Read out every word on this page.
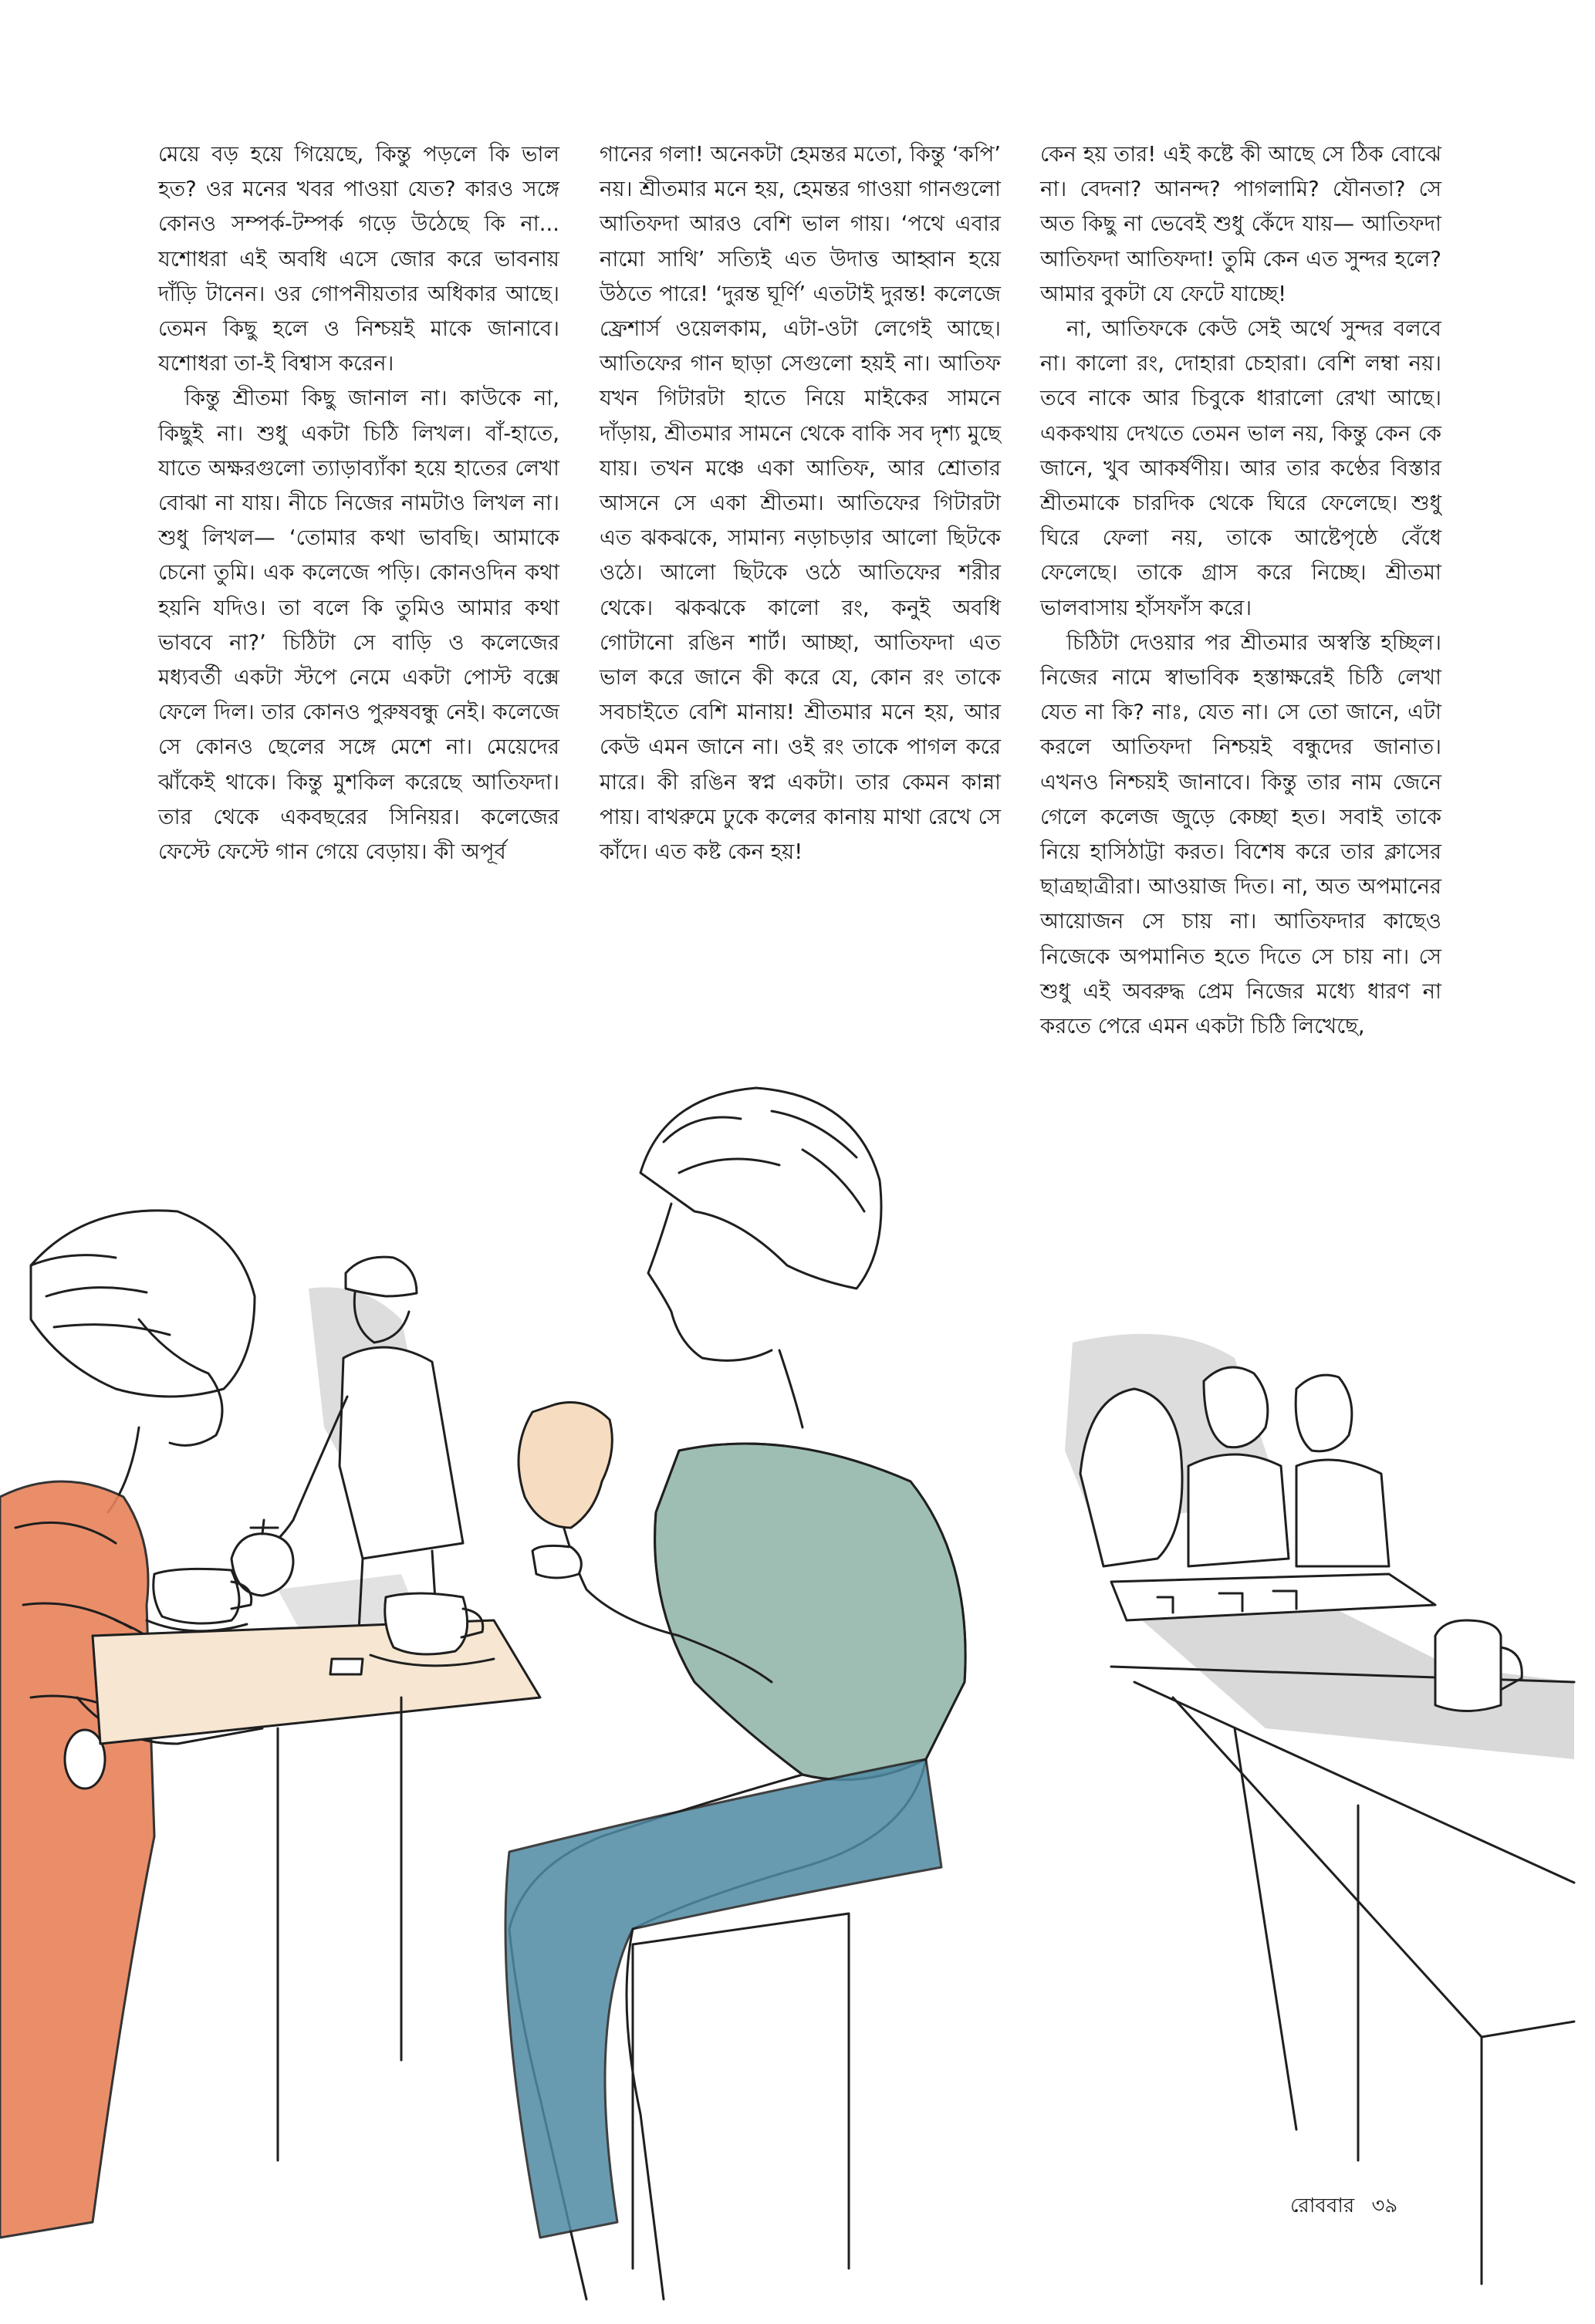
মেয়ে বড় হয়ে গিয়েছে, কিন্তু পড়লে কি ভাল হত? ওর মনের খবর পাওয়া যেত? কারও সঙ্গে কোনও সম্পর্ক-টম্পর্ক গড়ে উঠেছে কি না... যশোধরা এই অবধি এসে জোর করে ভাবনায় দাঁড়ি টানেন। ওর গোপনীয়তার অধিকার আছে। তেমন কিছু হলে ও নিশ্চয়ই মাকে জানাবে। যশোধরা তা-ই বিশ্বাস করেন।

কিন্তু শ্রীতমা কিছু জানাল না। কাউকে না, কিছুই না। শুধু একটা চিঠি লিখল। বাঁ-হাতে, যাতে অক্ষরগুলো ত্যাড়াব্যাঁকা হয়ে হাতের লেখা বোঝা না যায়। নীচে নিজের নামটাও লিখল না। শুধু লিখল— ‘তোমার কথা ভাবছি। আমাকে চেনো তুমি। এক কলেজে পড়ি। কোনওদিন কথা হয়নি যদিও। তা বলে কি তুমিও আমার কথা ভাববে না?’ চিঠিটা সে বাড়ি ও কলেজের মধ্যবর্তী একটা স্টপে নেমে একটা পোস্ট বক্সে ফেলে দিল। তার কোনও পুরুষবন্ধু নেই। কলেজে সে কোনও ছেলের সঙ্গে মেশে না। মেয়েদের ঝাঁকেই থাকে। কিন্তু মুশকিল করেছে আতিফদা। তার থেকে একবছরের সিনিয়র। কলেজের ফেস্টে ফেস্টে গান গেয়ে বেড়ায়। কী অপূর্ব

গানের গলা! অনেকটা হেমন্তর মতো, কিন্তু ‘কপি’ নয়। শ্রীতমার মনে হয়, হেমন্তর গাওয়া গানগুলো আতিফদা আরও বেশি ভাল গায়। ‘পথে এবার নামো সাথি’ সত্যিই এত উদাত্ত আহ্বান হয়ে উঠতে পারে! ‘দুরন্ত ঘূর্ণি’ এতটাই দুরন্ত! কলেজে ফ্রেশার্স ওয়েলকাম, এটা-ওটা লেগেই আছে। আতিফের গান ছাড়া সেগুলো হয়ই না। আতিফ যখন গিটারটা হাতে নিয়ে মাইকের সামনে দাঁড়ায়, শ্রীতমার সামনে থেকে বাকি সব দৃশ্য মুছে যায়। তখন মঞ্চে একা আতিফ, আর শ্রোতার আসনে সে একা শ্রীতমা। আতিফের গিটারটা এত ঝকঝকে, সামান্য নড়াচড়ার আলো ছিটকে ওঠে। আলো ছিটকে ওঠে আতিফের শরীর থেকে। ঝকঝকে কালো রং, কনুই অবধি গোটানো রঙিন শার্ট। আচ্ছা, আতিফদা এত ভাল করে জানে কী করে যে, কোন রং তাকে সবচাইতে বেশি মানায়! শ্রীতমার মনে হয়, আর কেউ এমন জানে না। ওই রং তাকে পাগল করে মারে। কী রঙিন স্বপ্ন একটা। তার কেমন কান্না পায়। বাথরুমে ঢুকে কলের কানায় মাথা রেখে সে কাঁদে। এত কষ্ট কেন হয়!

কেন হয় তার! এই কষ্টে কী আছে সে ঠিক বোঝে না। বেদনা? আনন্দ? পাগলামি? যৌনতা? সে অত কিছু না ভেবেই শুধু কেঁদে যায়— আতিফদা আতিফদা আতিফদা! তুমি কেন এত সুন্দর হলে? আমার বুকটা যে ফেটে যাচ্ছে!

না, আতিফকে কেউ সেই অর্থে সুন্দর বলবে না। কালো রং, দোহারা চেহারা। বেশি লম্বা নয়। তবে নাকে আর চিবুকে ধারালো রেখা আছে। এককথায় দেখতে তেমন ভাল নয়, কিন্তু কেন কে জানে, খুব আকর্ষণীয়। আর তার কণ্ঠের বিস্তার শ্রীতমাকে চারদিক থেকে ঘিরে ফেলেছে। শুধু ঘিরে ফেলা নয়, তাকে আষ্টেপৃষ্ঠে বেঁধে ফেলেছে। তাকে গ্রাস করে নিচ্ছে। শ্রীতমা ভালবাসায় হাঁসফাঁস করে।

চিঠিটা দেওয়ার পর শ্রীতমার অস্বস্তি হচ্ছিল। নিজের নামে স্বাভাবিক হস্তাক্ষরেই চিঠি লেখা যেত না কি? নাঃ, যেত না। সে তো জানে, এটা করলে আতিফদা নিশ্চয়ই বন্ধুদের জানাত। এখনও নিশ্চয়ই জানাবে। কিন্তু তার নাম জেনে গেলে কলেজ জুড়ে কেচ্ছা হত। সবাই তাকে নিয়ে হাসিঠাট্টা করত। বিশেষ করে তার ক্লাসের ছাত্রছাত্রীরা। আওয়াজ দিত। না, অত অপমানের আয়োজন সে চায় না। আতিফদার কাছেও নিজেকে অপমানিত হতে দিতে সে চায় না। সে শুধু এই অবরুদ্ধ প্রেম নিজের মধ্যে ধারণ না করতে পেরে এমন একটা চিঠি লিখেছে,

রোববার ৩৯
